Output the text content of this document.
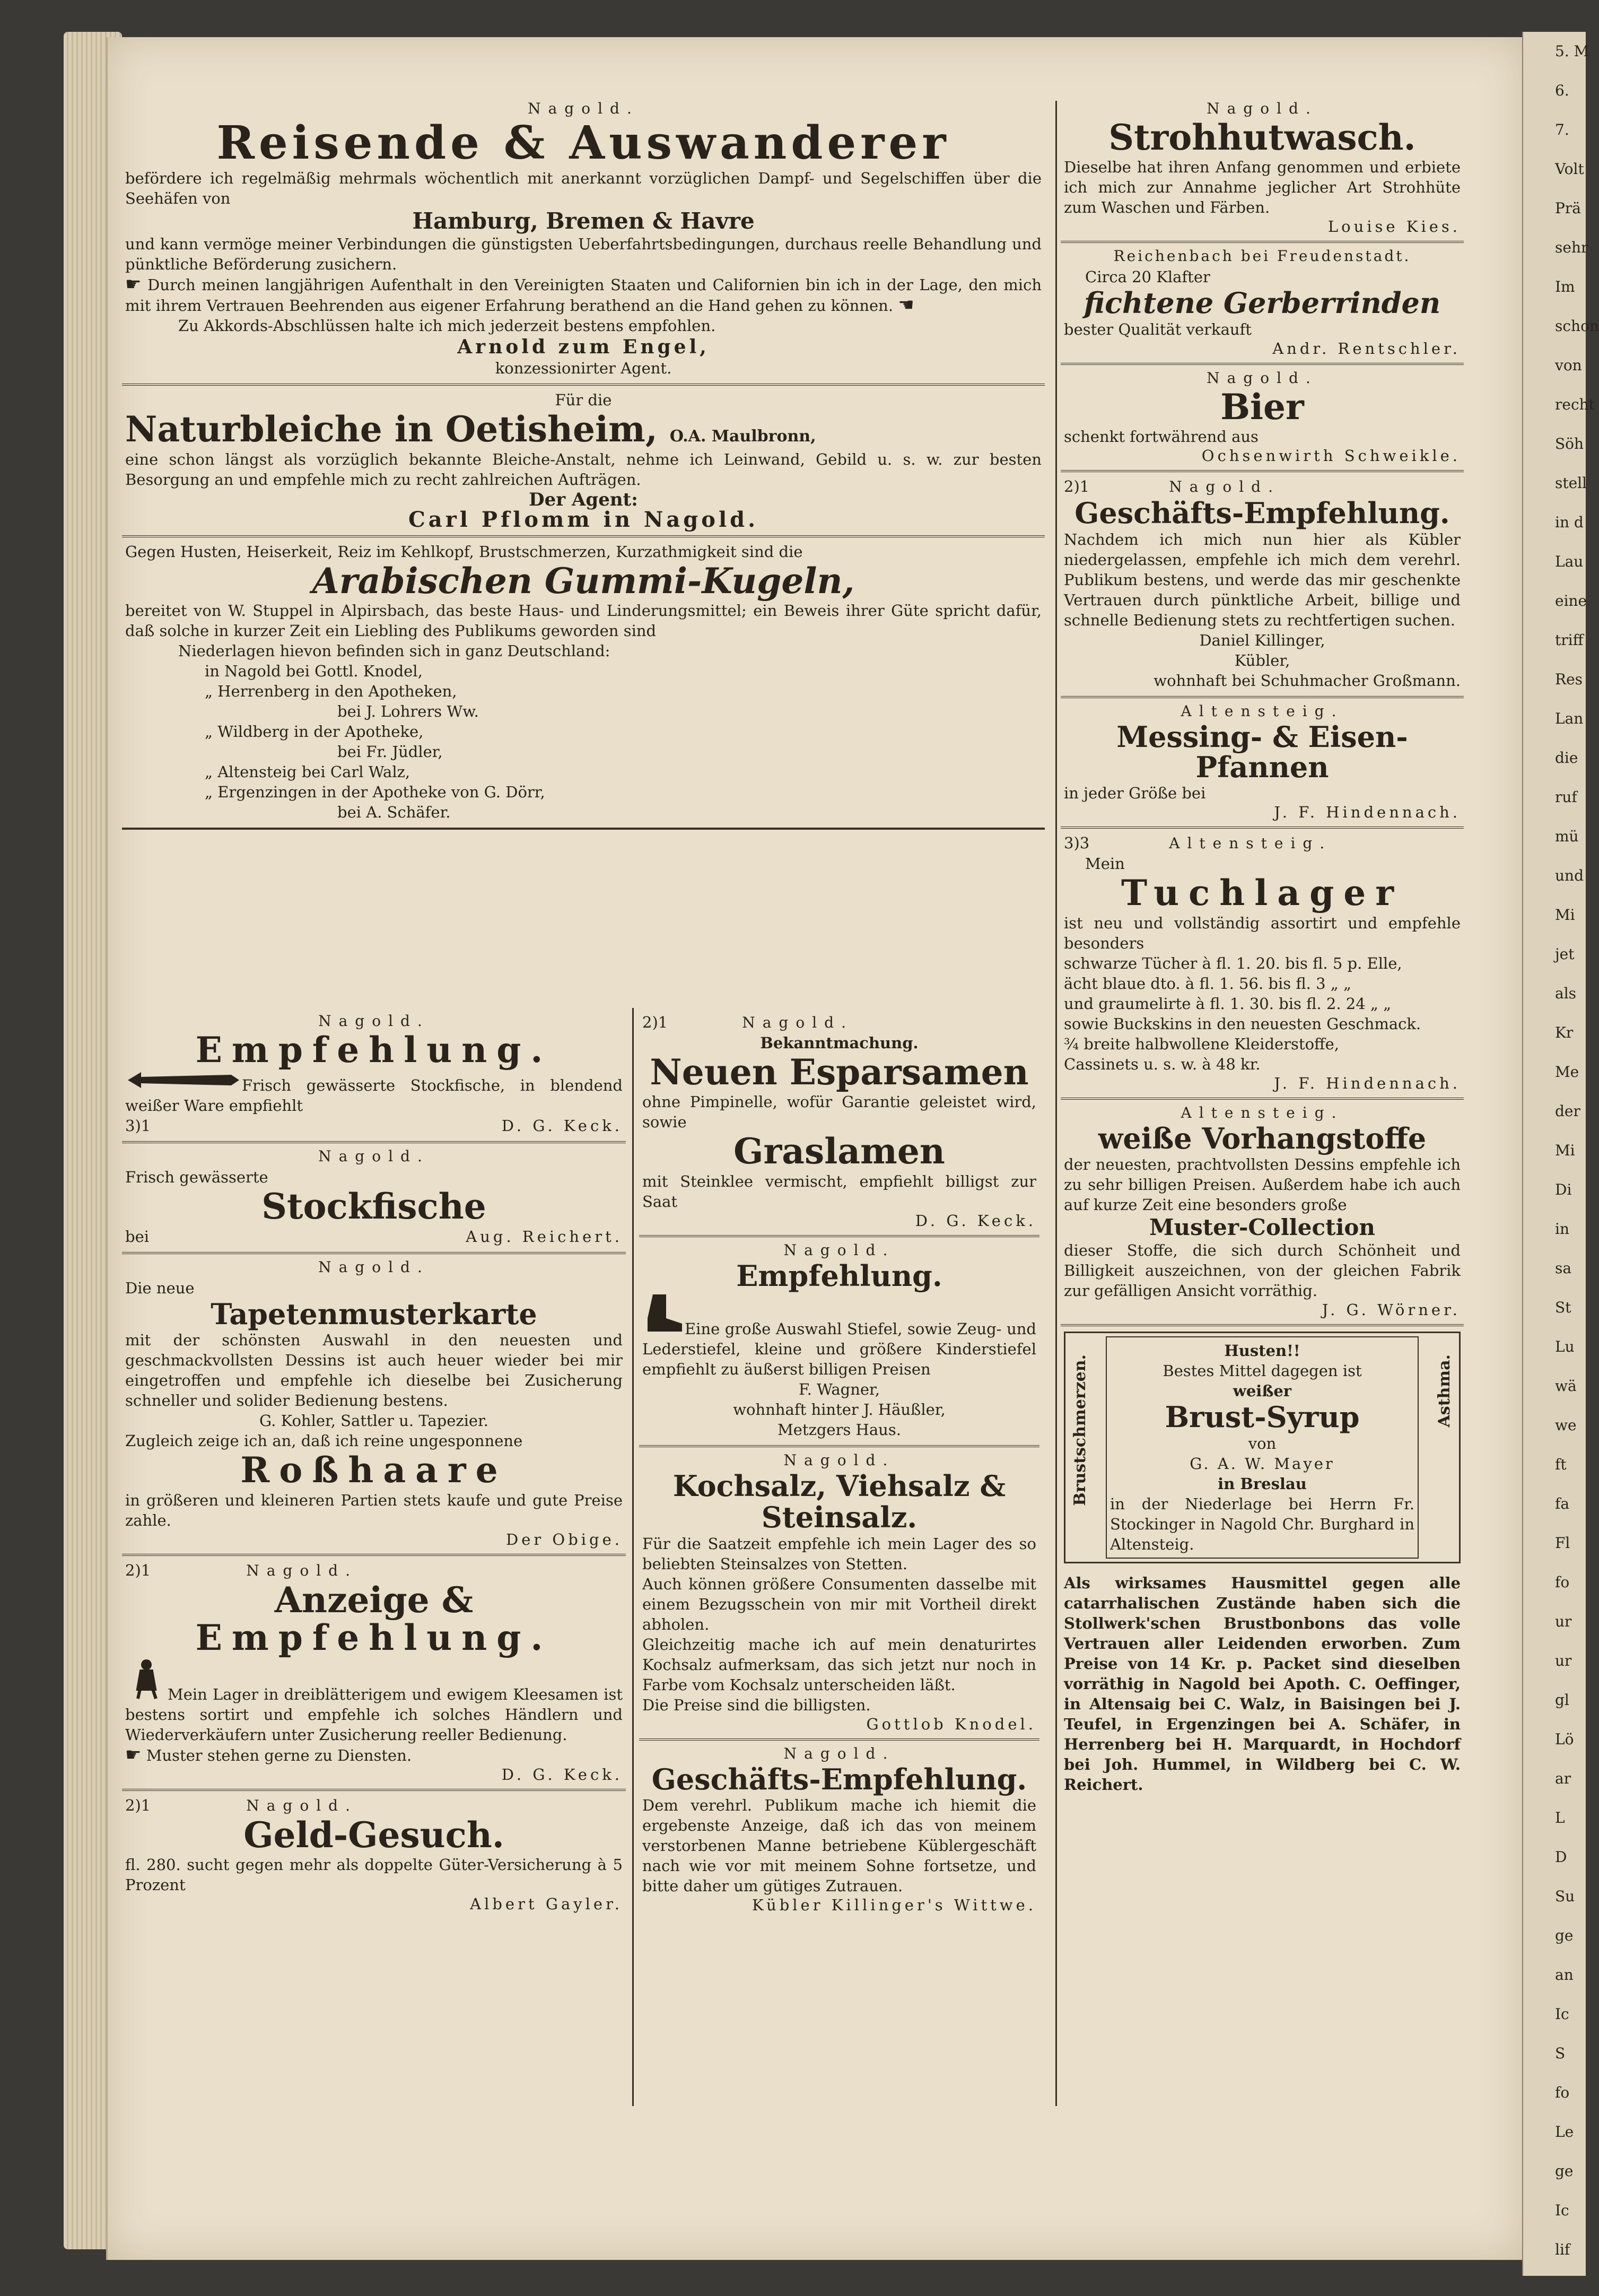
5. M
6.
7.
Volt
Prä
sehr
Im
schon
von
recht
Söh
stell
in d
Lau
eine
triff
Res
Lan
die
ruf
mü
und
Mi
jet
als
Kr
Me
der
Mi
Di
in
sa
St
Lu
wä
we
ft
fa
Fl
fo
ur
ur
gl
Lö
ar
L
D
Su
ge
an
Ic
S
fo
Le
ge
Ic
lif

Nagold.

Reisende & Auswanderer

befördere ich regelmäßig mehrmals wöchentlich mit anerkannt vorzüglichen Dampf- und Segelschiffen über die Seehäfen von

Hamburg, Bremen & Havre

und kann vermöge meiner Verbindungen die günstigsten Ueberfahrtsbedingungen, durchaus reelle Behandlung und pünktliche Beförderung zusichern.

☛ Durch meinen langjährigen Aufenthalt in den Vereinigten Staaten und Californien bin ich in der Lage, den mich mit ihrem Vertrauen Beehrenden aus eigener Erfahrung berathend an die Hand gehen zu können. ☚

Zu Akkords-Abschlüssen halte ich mich jederzeit bestens empfohlen.

Arnold zum Engel,

konzessionirter Agent.

Für die

Naturbleiche in Oetisheim, O.A. Maulbronn,

eine schon längst als vorzüglich bekannte Bleiche-Anstalt, nehme ich Leinwand, Gebild u. s. w. zur besten Besorgung an und empfehle mich zu recht zahlreichen Aufträgen.

Der Agent:

Carl Pflomm in Nagold.

Gegen Husten, Heiserkeit, Reiz im Kehlkopf, Brustschmerzen, Kurzathmigkeit sind die

Arabischen Gummi-Kugeln,

bereitet von W. Stuppel in Alpirsbach, das beste Haus- und Linderungsmittel; ein Beweis ihrer Güte spricht dafür, daß solche in kurzer Zeit ein Liebling des Publikums geworden sind

Niederlagen hievon befinden sich in ganz Deutschland:

in Nagold bei Gottl. Knodel,

„ Herrenberg in den Apotheken,

bei J. Lohrers Ww.

„ Wildberg in der Apotheke,

bei Fr. Jüdler,

„ Altensteig bei Carl Walz,

„ Ergenzingen in der Apotheke von G. Dörr,

bei A. Schäfer.

Nagold.

Empfehlung.

Frisch gewässerte Stockfische, in blendend weißer Ware empfiehlt

3)1	D. G. Keck.

Nagold.

Frisch gewässerte

Stockfische

bei	Aug. Reichert.

Nagold.

Die neue

Tapetenmusterkarte

mit der schönsten Auswahl in den neuesten und geschmackvollsten Dessins ist auch heuer wieder bei mir eingetroffen und empfehle ich dieselbe bei Zusicherung schneller und solider Bedienung bestens.

G. Kohler, Sattler u. Tapezier.

Zugleich zeige ich an, daß ich reine ungesponnene

Roßhaare

in größeren und kleineren Partien stets kaufe und gute Preise zahle.

Der Obige.

2)1	Nagold.

Anzeige &
Empfehlung.

Mein Lager in dreiblätterigem und ewigem Kleesamen ist bestens sortirt und empfehle ich solches Händlern und Wiederverkäufern unter Zusicherung reeller Bedienung.

☛ Muster stehen gerne zu Diensten.

D. G. Keck.

2)1	Nagold.

Geld-Gesuch.

fl. 280. sucht gegen mehr als doppelte Güter-Versicherung à 5 Prozent

Albert Gayler.

2)1	Nagold.

Bekanntmachung.

Neuen Esparsamen

ohne Pimpinelle, wofür Garantie geleistet wird, sowie

Graslamen

mit Steinklee vermischt, empfiehlt billigst zur Saat

D. G. Keck.

Nagold.

Empfehlung.

Eine große Auswahl Stiefel, sowie Zeug- und Lederstiefel, kleine und größere Kinderstiefel empfiehlt zu äußerst billigen Preisen

F. Wagner,

wohnhaft hinter J. Häußler,

Metzgers Haus.

Nagold.

Kochsalz, Viehsalz &
Steinsalz.

Für die Saatzeit empfehle ich mein Lager des so beliebten Steinsalzes von Stetten.

Auch können größere Consumenten dasselbe mit einem Bezugsschein von mir mit Vortheil direkt abholen.

Gleichzeitig mache ich auf mein denaturirtes Kochsalz aufmerksam, das sich jetzt nur noch in Farbe vom Kochsalz unterscheiden läßt.

Die Preise sind die billigsten.

Gottlob Knodel.

Nagold.

Geschäfts-Empfehlung.

Dem verehrl. Publikum mache ich hiemit die ergebenste Anzeige, daß ich das von meinem verstorbenen Manne betriebene Küblergeschäft nach wie vor mit meinem Sohne fortsetze, und bitte daher um gütiges Zutrauen.

Kübler Killinger's Wittwe.

Nagold.

Strohhutwasch.

Dieselbe hat ihren Anfang genommen und erbiete ich mich zur Annahme jeglicher Art Strohhüte zum Waschen und Färben.

Louise Kies.

Reichenbach bei Freudenstadt.

Circa 20 Klafter

fichtene Gerberrinden

bester Qualität verkauft

Andr. Rentschler.

Nagold.

Bier

schenkt fortwährend aus

Ochsenwirth Schweikle.

2)1	Nagold.

Geschäfts-Empfehlung.

Nachdem ich mich nun hier als Kübler niedergelassen, empfehle ich mich dem verehrl. Publikum bestens, und werde das mir geschenkte Vertrauen durch pünktliche Arbeit, billige und schnelle Bedienung stets zu rechtfertigen suchen.

Daniel Killinger,

Kübler,

wohnhaft bei Schuhmacher Großmann.

Altensteig.

Messing- & Eisen-Pfannen

in jeder Größe bei

J. F. Hindennach.

3)3	Altensteig.

Mein

Tuchlager

ist neu und vollständig assortirt und empfehle besonders

schwarze Tücher à fl. 1. 20. bis fl. 5 p. Elle,

ächt blaue dto. à fl. 1. 56. bis fl. 3 „ „

und graumelirte à fl. 1. 30. bis fl. 2. 24 „ „

sowie Buckskins in den neuesten Geschmack.

¾ breite halbwollene Kleiderstoffe,

Cassinets u. s. w. à 48 kr.

J. F. Hindennach.

Altensteig.

weiße Vorhangstoffe

der neuesten, prachtvollsten Dessins empfehle ich zu sehr billigen Preisen. Außerdem habe ich auch auf kurze Zeit eine besonders große

Muster-Collection

dieser Stoffe, die sich durch Schönheit und Billigkeit auszeichnen, von der gleichen Fabrik zur gefälligen Ansicht vorräthig.

J. G. Wörner.

Brustschmerzen.	Asthma.

Husten!!

Bestes Mittel dagegen ist

weißer

Brust-Syrup

von

G. A. W. Mayer

in Breslau

in der Niederlage bei Herrn Fr. Stockinger in Nagold Chr. Burghard in Altensteig.

Als wirksames Hausmittel gegen alle catarrhalischen Zustände haben sich die Stollwerk'schen Brustbonbons das volle Vertrauen aller Leidenden erworben. Zum Preise von 14 Kr. p. Packet sind dieselben vorräthig in Nagold bei Apoth. C. Oeffinger, in Altensaig bei C. Walz, in Baisingen bei J. Teufel, in Ergenzingen bei A. Schäfer, in Herrenberg bei H. Marquardt, in Hochdorf bei Joh. Hummel, in Wildberg bei C. W. Reichert.
